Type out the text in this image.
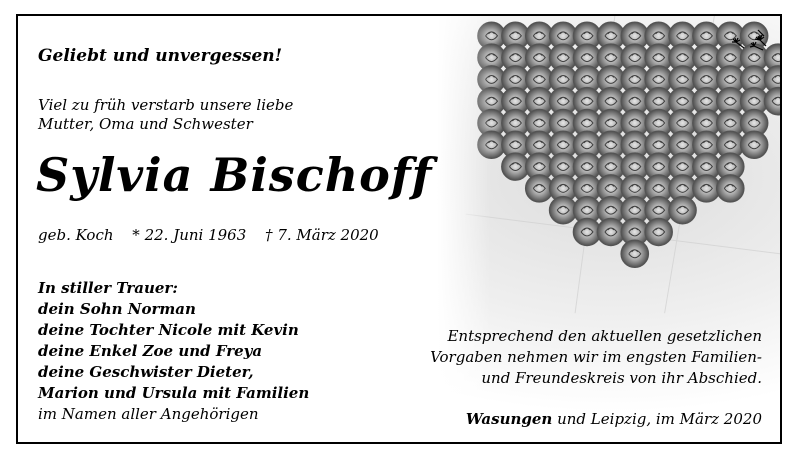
Geliebt und unvergessen!
Viel zu früh verstarb unsere liebe
Mutter, Oma und Schwester
Sylvia Bischoff
geb. Koch * 22. Juni 1963 † 7. März 2020
In stiller Trauer:
dein Sohn Norman
deine Tochter Nicole mit Kevin
deine Enkel Zoe und Freya
deine Geschwister Dieter,
Marion und Ursula mit Familien
im Namen aller Angehörigen
Entsprechend den aktuellen gesetzlichen
Vorgaben nehmen wir im engsten Familien-
und Freundeskreis von ihr Abschied.
Wasungen und Leipzig, im März 2020
